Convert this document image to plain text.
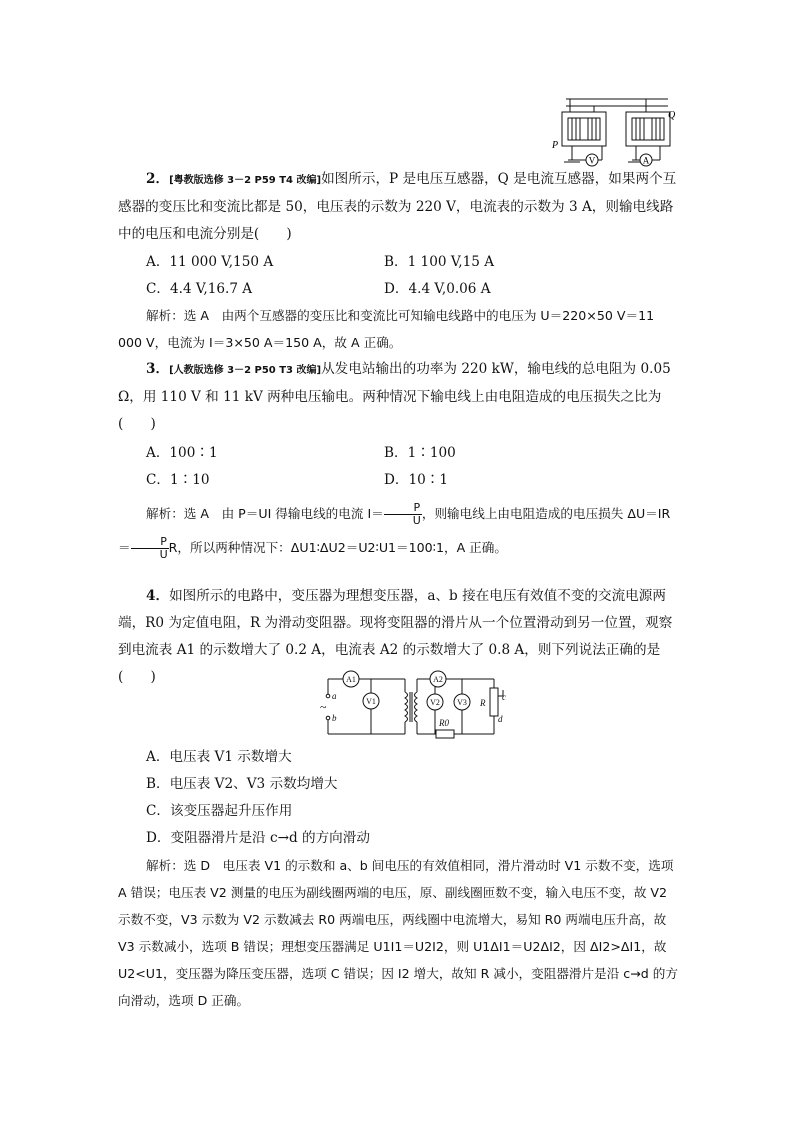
V	A
P
Q
2．[粤教版选修 3－2 P59 T4 改编]如图所示，P 是电压互感器，Q 是电流互感器，如果两个互感器的变压比和变流比都是 50，电压表的示数为 220 V，电流表的示数为 3 A，则输电线路中的电压和电流分别是(　　)
A．11 000 V,150 A	B．1 100 V,15 A
C．4.4 V,16.7 A	D．4.4 V,0.06 A
解析：选 A　由两个互感器的变压比和变流比可知输电线路中的电压为 U＝220×50 V＝11 000 V，电流为 I＝3×50 A＝150 A，故 A 正确。
3．[人教版选修 3－2 P50 T3 改编]从发电站输出的功率为 220 kW，输电线的总电阻为 0.05 Ω，用 110 V 和 11 kV 两种电压输电。两种情况下输电线上由电阻造成的电压损失之比为(　　)
A．100∶1	B．1∶100
C．1∶10	D．10∶1
解析：选 A　由 P＝UI 得输电线的电流 $I= \frac{P}{U}$ ，则输电线上由电阻造成的电压损失 $\Delta U=IR= \frac{P}{U}$ R，所以两种情况下：ΔU1∶ΔU2＝U2∶U1＝100∶1，A 正确。
4．如图所示的电路中，变压器为理想变压器，a、b 接在电压有效值不变的交流电源两端，R0 为定值电阻，R 为滑动变阻器。现将变阻器的滑片从一个位置滑动到另一位置，观察到电流表 A1 的示数增大了 0.2 A，电流表 A2 的示数增大了 0.8 A，则下列说法正确的是(　　)	A1	A2
V1	V2 V3
R0
R
a
b
c
d
~
A．电压表 V1 示数增大
B．电压表 V2、V3 示数均增大
C．该变压器起升压作用
D．变阻器滑片是沿 c→d 的方向滑动
解析：选 D　电压表 V1 的示数和 a、b 间电压的有效值相同，滑片滑动时 V1 示数不变，选项 A 错误；电压表 V2 测量的电压为副线圈两端的电压，原、副线圈匝数不变，输入电压不变，故 V2 示数不变，V3 示数为 V2 示数减去 R0 两端电压，两线圈中电流增大，易知 R0 两端电压升高，故 V3 示数减小，选项 B 错误；理想变压器满足 U1I1＝U2I2，则 U1ΔI1＝U2ΔI2，因 ΔI2>ΔI1，故 U2<U1，变压器为降压变压器，选项 C 错误；因 I2 增大，故知 R 减小，变阻器滑片是沿 c→d 的方向滑动，选项 D 正确。
